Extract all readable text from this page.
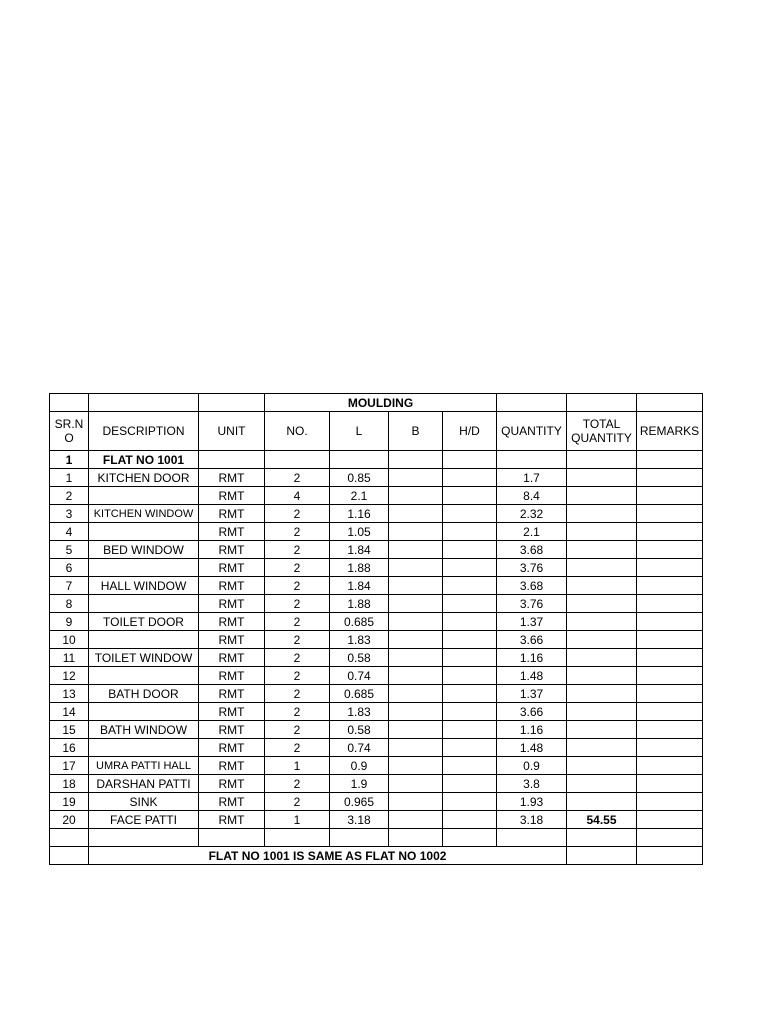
			MOULDING						
SR.N O	DESCRIPTION	UNIT	NO.	L	B	H/D	QUANTITY	TOTAL QUANTITY	REMARKS
1	FLAT NO 1001								
1	KITCHEN DOOR	RMT	2	0.85			1.7		
2		RMT	4	2.1			8.4		
3	KITCHEN WINDOW	RMT	2	1.16			2.32		
4		RMT	2	1.05			2.1		
5	BED WINDOW	RMT	2	1.84			3.68		
6		RMT	2	1.88			3.76		
7	HALL WINDOW	RMT	2	1.84			3.68		
8		RMT	2	1.88			3.76		
9	TOILET DOOR	RMT	2	0.685			1.37		
10		RMT	2	1.83			3.66		
11	TOILET WINDOW	RMT	2	0.58			1.16		
12		RMT	2	0.74			1.48		
13	BATH DOOR	RMT	2	0.685			1.37		
14		RMT	2	1.83			3.66		
15	BATH WINDOW	RMT	2	0.58			1.16		
16		RMT	2	0.74			1.48		
17	UMRA PATTI HALL	RMT	1	0.9			0.9		
18	DARSHAN PATTI	RMT	2	1.9			3.8		
19	SINK	RMT	2	0.965			1.93		
20	FACE PATTI	RMT	1	3.18			3.18	54.55	

	FLAT NO 1001 IS SAME AS FLAT NO 1002								
